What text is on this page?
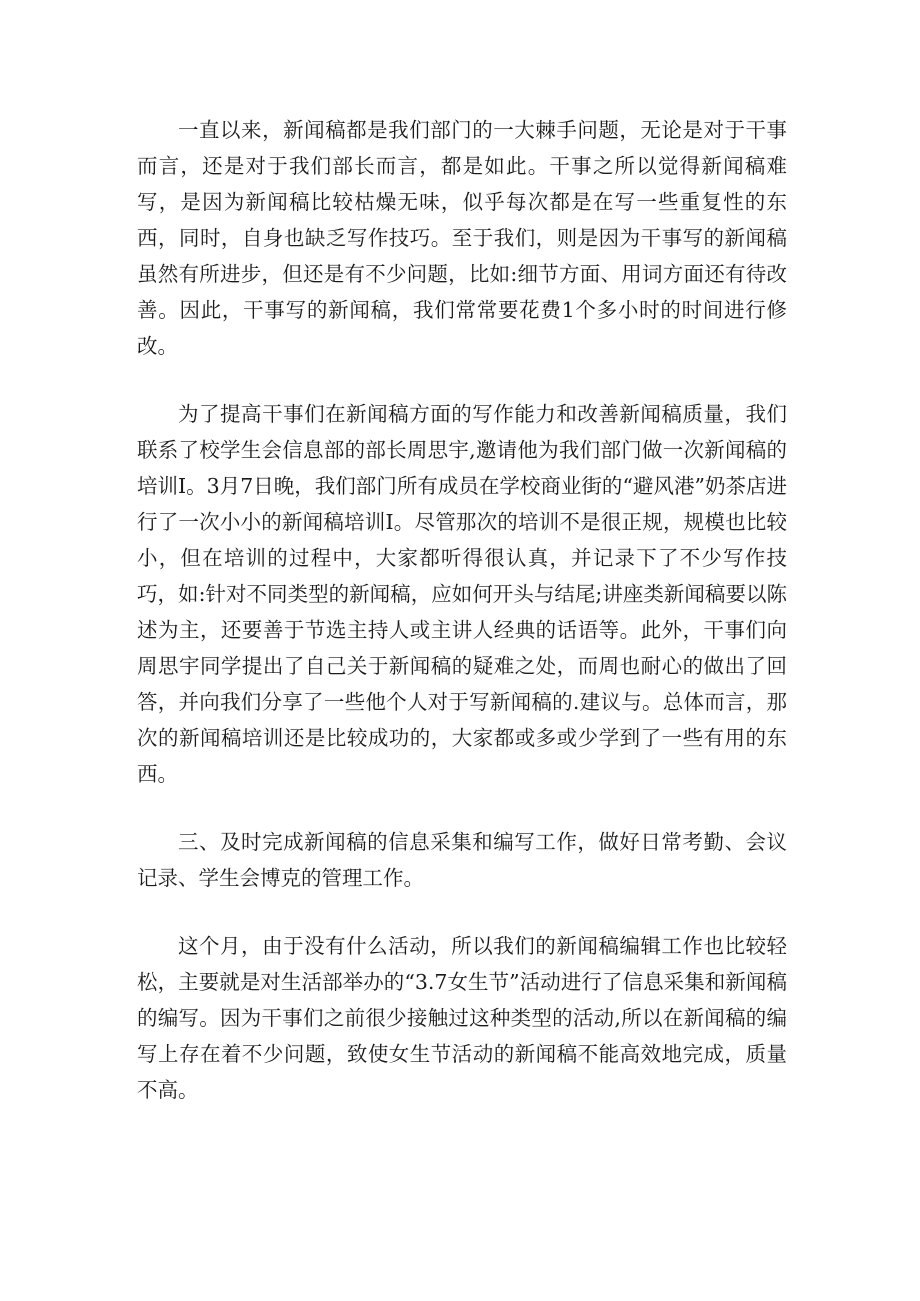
一直以来，新闻稿都是我们部门的一大棘手问题，无论是对于干事而言，还是对于我们部长而言，都是如此。干事之所以觉得新闻稿难写，是因为新闻稿比较枯燥无味，似乎每次都是在写一些重复性的东西，同时，自身也缺乏写作技巧。至于我们，则是因为干事写的新闻稿虽然有所进步，但还是有不少问题，比如:细节方面、用词方面还有待改善。因此，干事写的新闻稿，我们常常要花费1个多小时的时间进行修改。

为了提高干事们在新闻稿方面的写作能力和改善新闻稿质量，我们联系了校学生会信息部的部长周思宇,邀请他为我们部门做一次新闻稿的培训I。3月7日晚，我们部门所有成员在学校商业街的“避风港”奶茶店进行了一次小小的新闻稿培训I。尽管那次的培训不是很正规，规模也比较小，但在培训的过程中，大家都听得很认真，并记录下了不少写作技巧，如:针对不同类型的新闻稿，应如何开头与结尾;讲座类新闻稿要以陈述为主，还要善于节选主持人或主讲人经典的话语等。此外，干事们向周思宇同学提出了自己关于新闻稿的疑难之处，而周也耐心的做出了回答，并向我们分享了一些他个人对于写新闻稿的.建议与。总体而言，那次的新闻稿培训还是比较成功的，大家都或多或少学到了一些有用的东西。

三、及时完成新闻稿的信息采集和编写工作，做好日常考勤、会议记录、学生会博克的管理工作。

这个月，由于没有什么活动，所以我们的新闻稿编辑工作也比较轻松，主要就是对生活部举办的“3.7女生节”活动进行了信息采集和新闻稿的编写。因为干事们之前很少接触过这种类型的活动,所以在新闻稿的编写上存在着不少问题，致使女生节活动的新闻稿不能高效地完成，质量不高。
